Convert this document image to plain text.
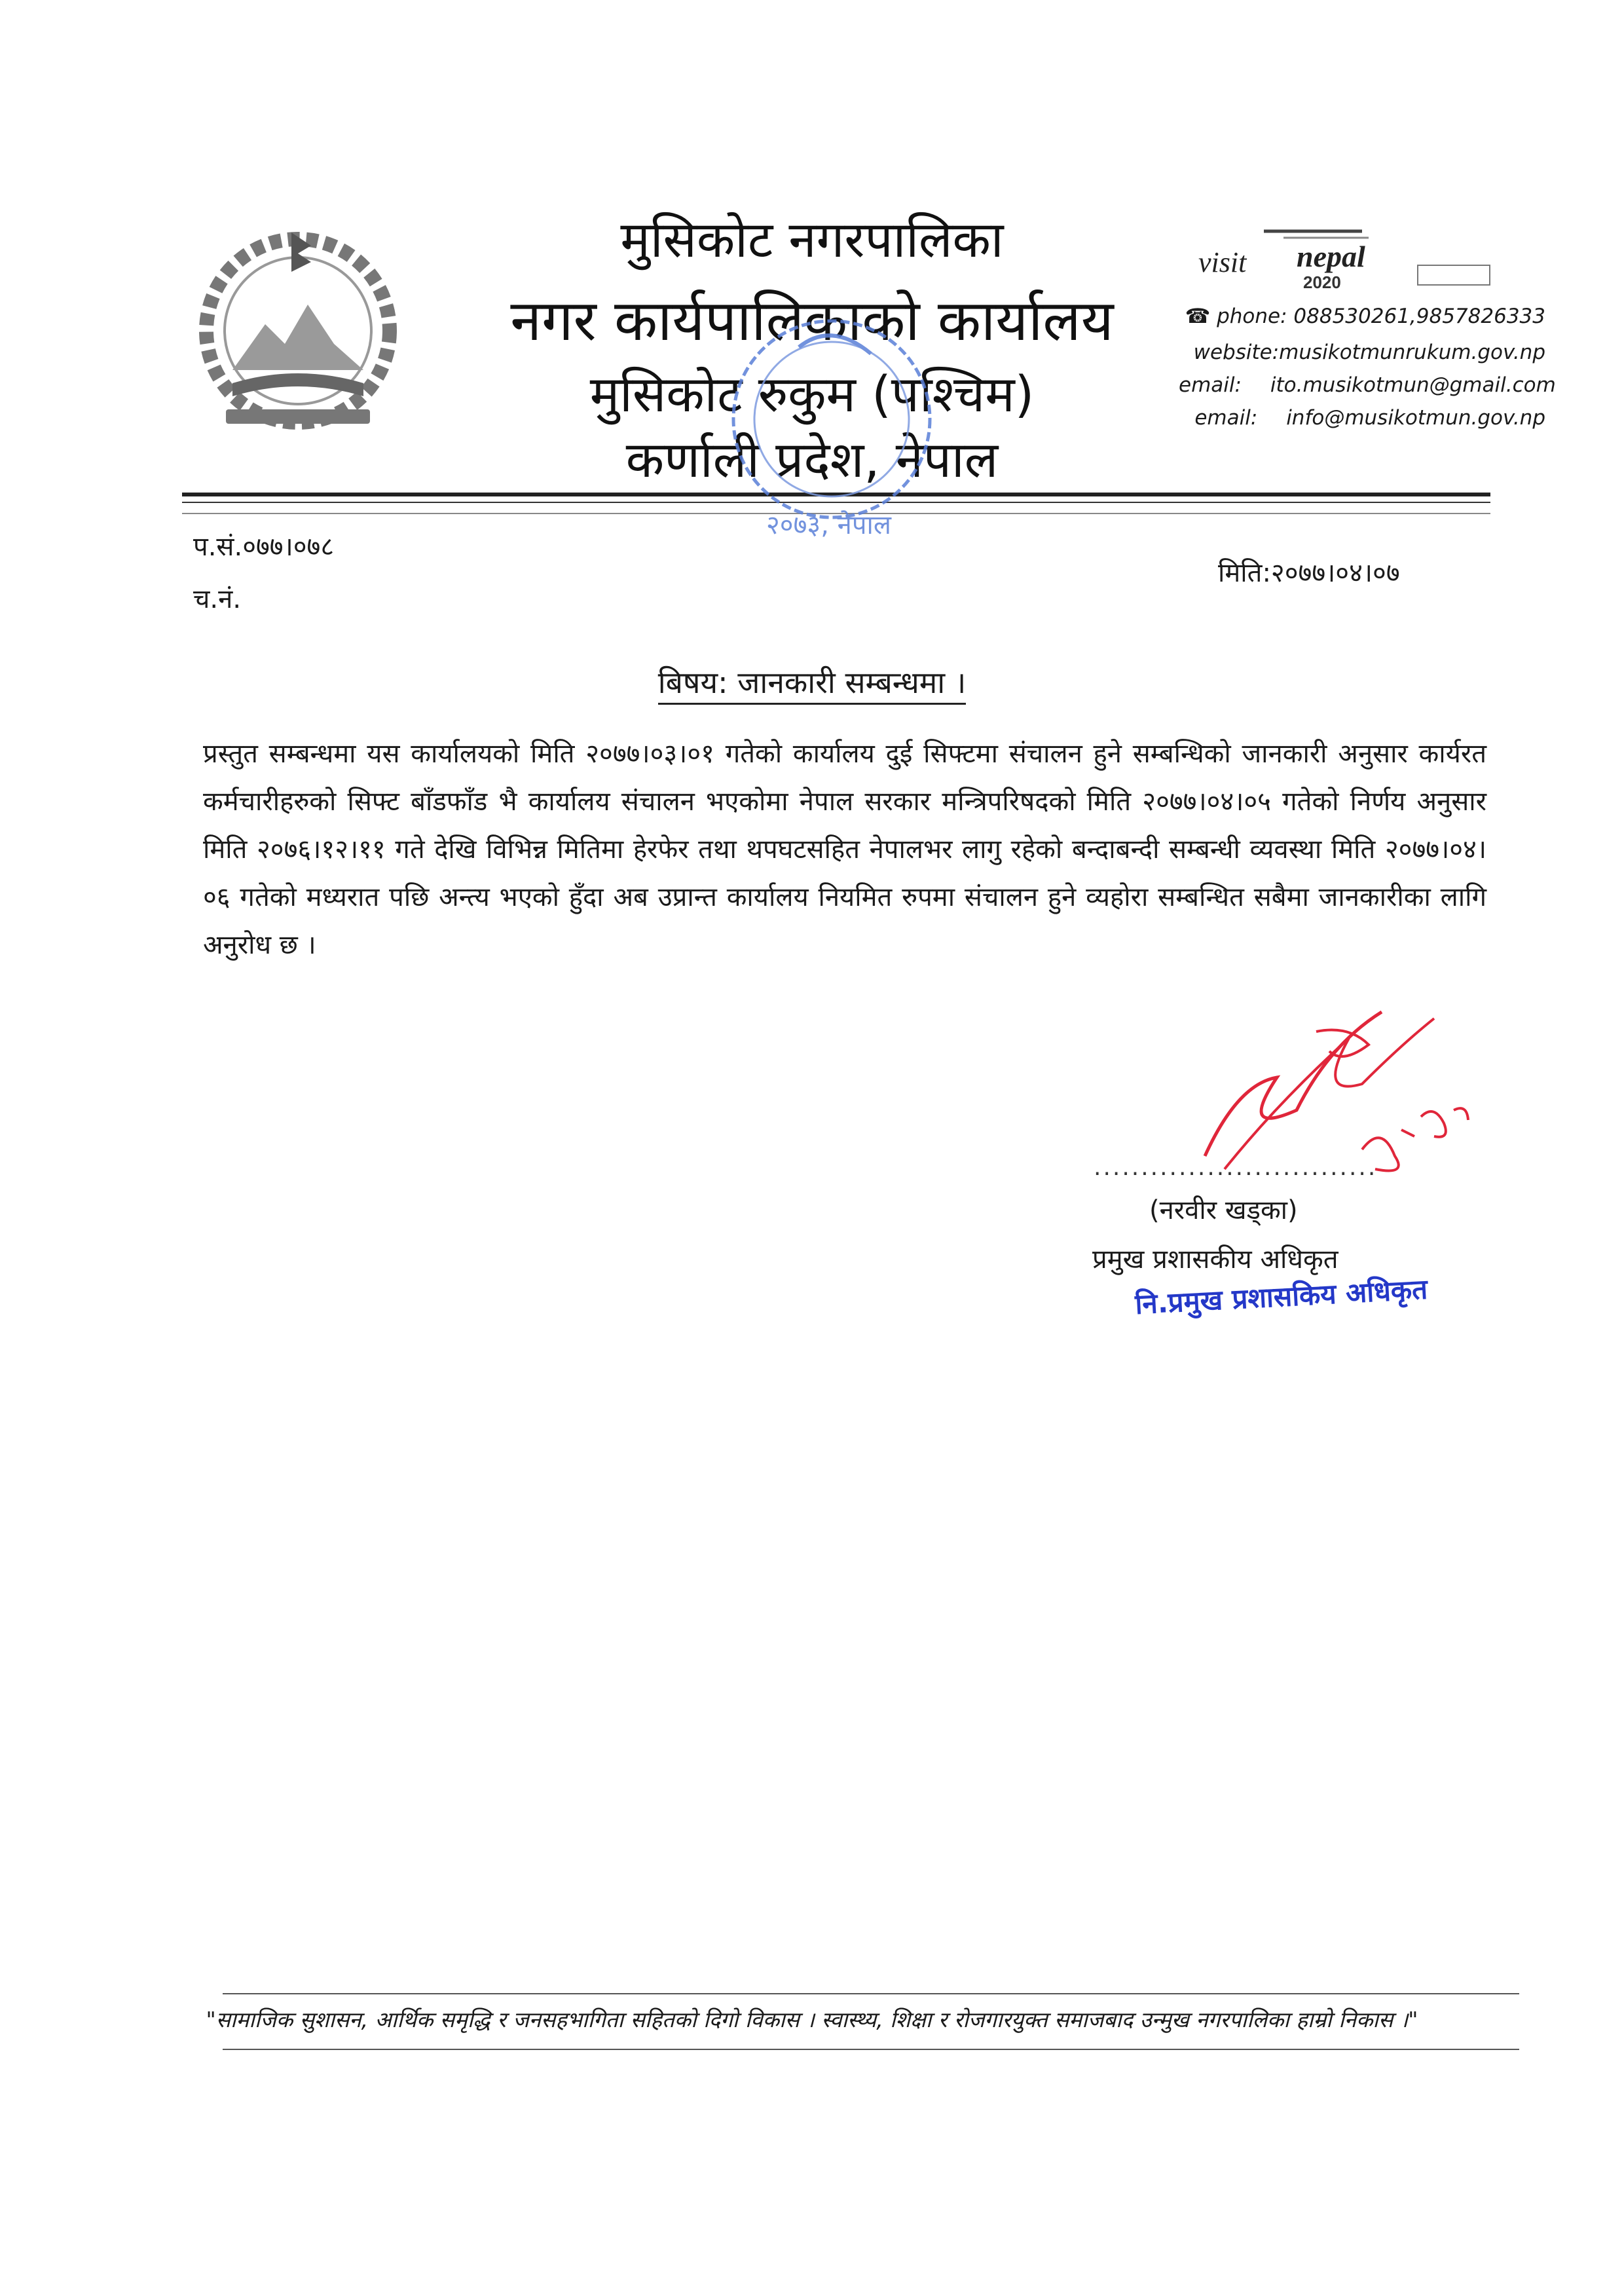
मुसिकोट नगरपालिका
नगर कार्यपालिकाको कार्यालय
मुसिकोट रुकुम (पश्चिम)
कर्णाली प्रदेश, नेपाल
visit nepal
2020
☎ phone: 088530261,9857826333
website:musikotmunrukum.gov.np
email: ito.musikotmun@gmail.com
email: info@musikotmun.gov.np
२०७३, नेपाल
प.सं.०७७।०७८
च.नं.
मिति:२०७७।०४।०७
बिषय: जानकारी सम्बन्धमा ।
प्रस्तुत सम्बन्धमा यस कार्यालयको मिति २०७७।०३।०१ गतेको कार्यालय दुई सिफ्टमा संचालन हुने सम्बन्धिको जानकारी अनुसार कार्यरत कर्मचारीहरुको सिफ्ट बाँडफाँड भै कार्यालय संचालन भएकोमा नेपाल सरकार मन्त्रिपरिषदको मिति २०७७।०४।०५ गतेको निर्णय अनुसार मिति २०७६।१२।११ गते देखि विभिन्न मितिमा हेरफेर तथा थपघटसहित नेपालभर लागु रहेको बन्दाबन्दी सम्बन्धी व्यवस्था मिति २०७७।०४।०६ गतेको मध्यरात पछि अन्त्य भएको हुँदा अब उप्रान्त कार्यालय नियमित रुपमा संचालन हुने व्यहोरा सम्बन्धित सबैमा जानकारीका लागि अनुरोध छ ।
..............................
(नरवीर खड्का)
प्रमुख प्रशासकीय अधिकृत
नि.प्रमुख प्रशासकिय अधिकृत
"सामाजिक सुशासन, आर्थिक समृद्धि र जनसहभागिता सहितको दिगो विकास । स्वास्थ्य, शिक्षा र रोजगारयुक्त समाजबाद उन्मुख नगरपालिका हाम्रो निकास ।"
